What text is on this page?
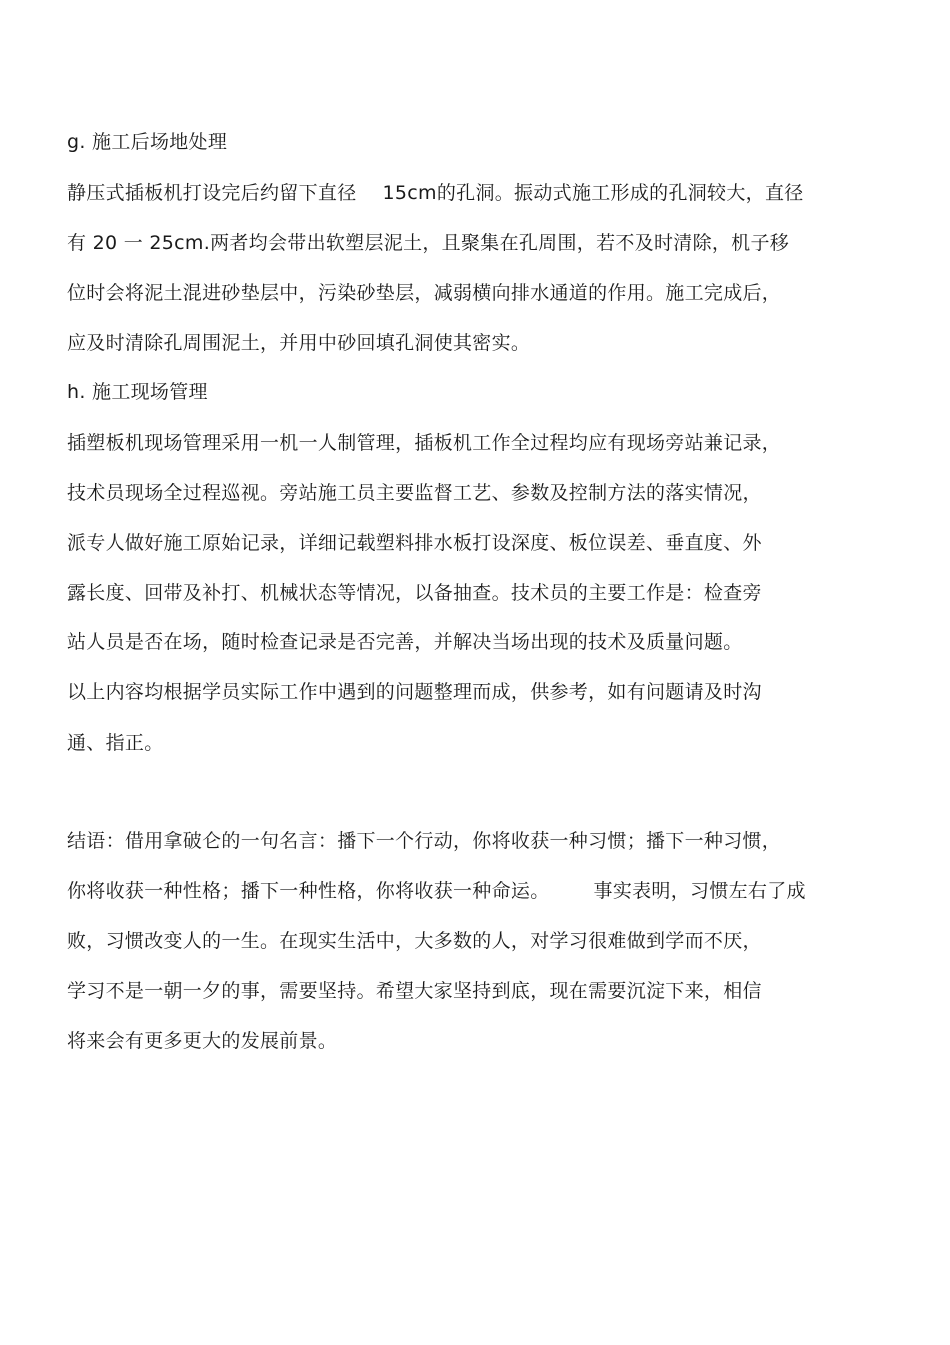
g. 施工后场地处理
静压式插板机打设完后约留下直径 15cm的孔洞。振动式施工形成的孔洞较大，直径
有 20 一 25cm.两者均会带出软塑层泥土，且聚集在孔周围，若不及时清除，机子移
位时会将泥土混进砂垫层中，污染砂垫层，减弱横向排水通道的作用。施工完成后，
应及时清除孔周围泥土，并用中砂回填孔洞使其密实。
h. 施工现场管理
插塑板机现场管理采用一机一人制管理，插板机工作全过程均应有现场旁站兼记录，
技术员现场全过程巡视。旁站施工员主要监督工艺、参数及控制方法的落实情况，
派专人做好施工原始记录，详细记载塑料排水板打设深度、板位误差、垂直度、外
露长度、回带及补打、机械状态等情况，以备抽查。技术员的主要工作是：检查旁
站人员是否在场，随时检查记录是否完善，并解决当场出现的技术及质量问题。
以上内容均根据学员实际工作中遇到的问题整理而成，供参考，如有问题请及时沟
通、指正。
结语：借用拿破仑的一句名言：播下一个行动，你将收获一种习惯；播下一种习惯，
你将收获一种性格；播下一种性格，你将收获一种命运。 事实表明，习惯左右了成
败，习惯改变人的一生。在现实生活中，大多数的人，对学习很难做到学而不厌，
学习不是一朝一夕的事，需要坚持。希望大家坚持到底，现在需要沉淀下来，相信
将来会有更多更大的发展前景。
